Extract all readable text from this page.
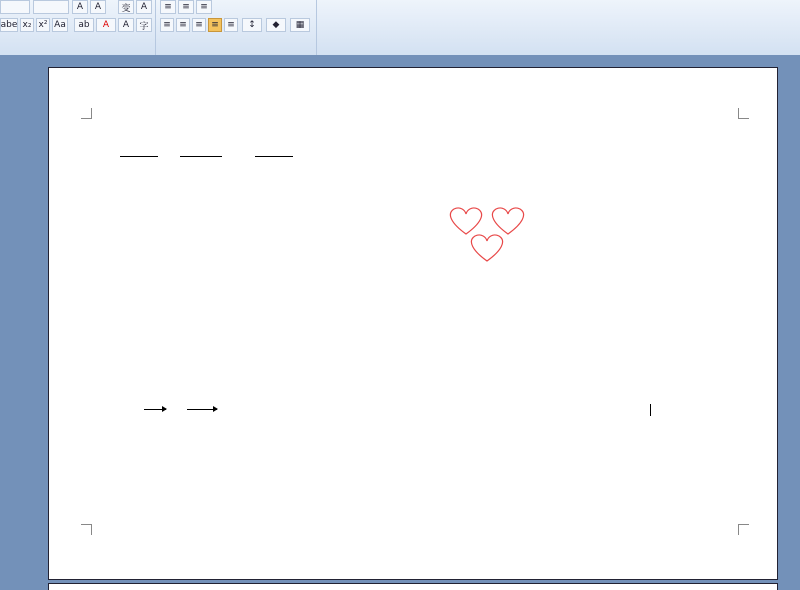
A	A	变	A
abe x₂ x² Aa	ab	A	A	字
≡	≡	≡
≡ ≡ ≡ ≡ ≡	↕	◆	▦
